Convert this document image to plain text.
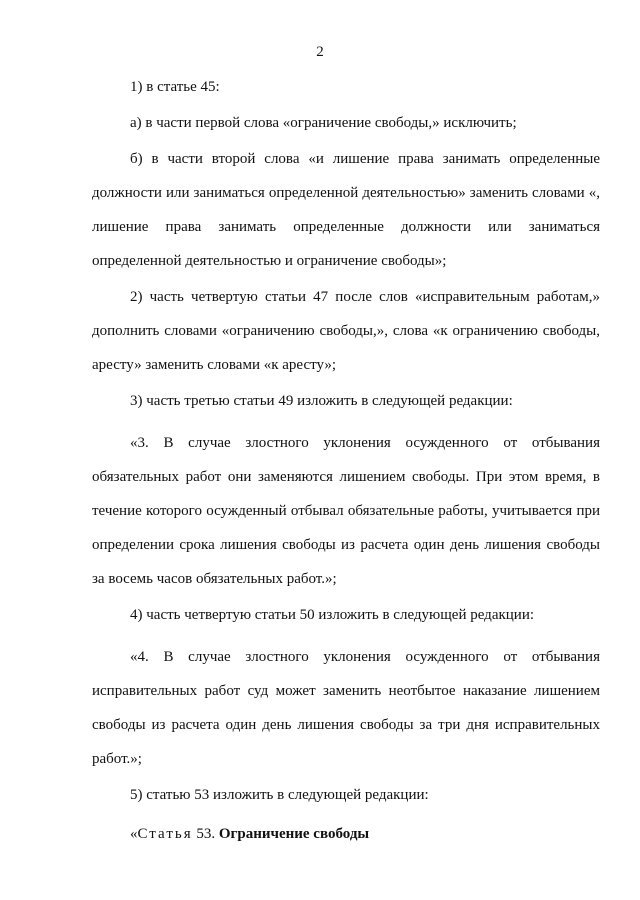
2

1) в статье 45:

а) в части первой слова «ограничение свободы,» исключить;

б) в части второй слова «и лишение права занимать определенные должности или заниматься определенной деятельностью» заменить словами «, лишение права занимать определенные должности или заниматься определенной деятельностью и ограничение свободы»;

2) часть четвертую статьи 47 после слов «исправительным работам,» дополнить словами «ограничению свободы,», слова «к ограничению свободы, аресту» заменить словами «к аресту»;

3) часть третью статьи 49 изложить в следующей редакции:

«3. В случае злостного уклонения осужденного от отбывания обязательных работ они заменяются лишением свободы. При этом время, в течение которого осужденный отбывал обязательные работы, учитывается при определении срока лишения свободы из расчета один день лишения свободы за восемь часов обязательных работ.»;

4) часть четвертую статьи 50 изложить в следующей редакции:

«4. В случае злостного уклонения осужденного от отбывания исправительных работ суд может заменить неотбытое наказание лишением свободы из расчета один день лишения свободы за три дня исправительных работ.»;

5) статью 53 изложить в следующей редакции:

«Статья 53. Ограничение свободы
